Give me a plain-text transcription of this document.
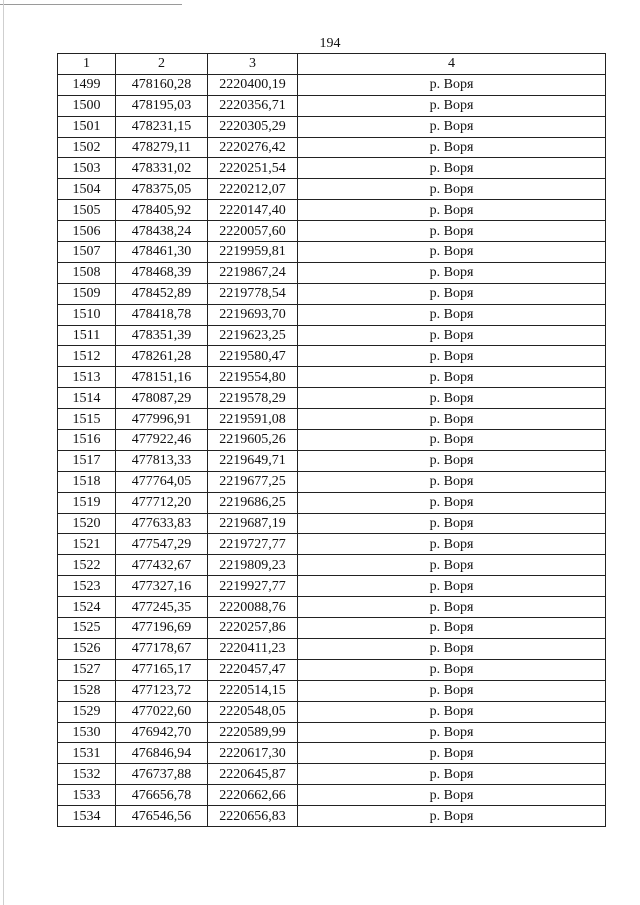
194
1	2	3	4
1499	478160,28	2220400,19	р. Воря
1500	478195,03	2220356,71	р. Воря
1501	478231,15	2220305,29	р. Воря
1502	478279,11	2220276,42	р. Воря
1503	478331,02	2220251,54	р. Воря
1504	478375,05	2220212,07	р. Воря
1505	478405,92	2220147,40	р. Воря
1506	478438,24	2220057,60	р. Воря
1507	478461,30	2219959,81	р. Воря
1508	478468,39	2219867,24	р. Воря
1509	478452,89	2219778,54	р. Воря
1510	478418,78	2219693,70	р. Воря
1511	478351,39	2219623,25	р. Воря
1512	478261,28	2219580,47	р. Воря
1513	478151,16	2219554,80	р. Воря
1514	478087,29	2219578,29	р. Воря
1515	477996,91	2219591,08	р. Воря
1516	477922,46	2219605,26	р. Воря
1517	477813,33	2219649,71	р. Воря
1518	477764,05	2219677,25	р. Воря
1519	477712,20	2219686,25	р. Воря
1520	477633,83	2219687,19	р. Воря
1521	477547,29	2219727,77	р. Воря
1522	477432,67	2219809,23	р. Воря
1523	477327,16	2219927,77	р. Воря
1524	477245,35	2220088,76	р. Воря
1525	477196,69	2220257,86	р. Воря
1526	477178,67	2220411,23	р. Воря
1527	477165,17	2220457,47	р. Воря
1528	477123,72	2220514,15	р. Воря
1529	477022,60	2220548,05	р. Воря
1530	476942,70	2220589,99	р. Воря
1531	476846,94	2220617,30	р. Воря
1532	476737,88	2220645,87	р. Воря
1533	476656,78	2220662,66	р. Воря
1534	476546,56	2220656,83	р. Воря
